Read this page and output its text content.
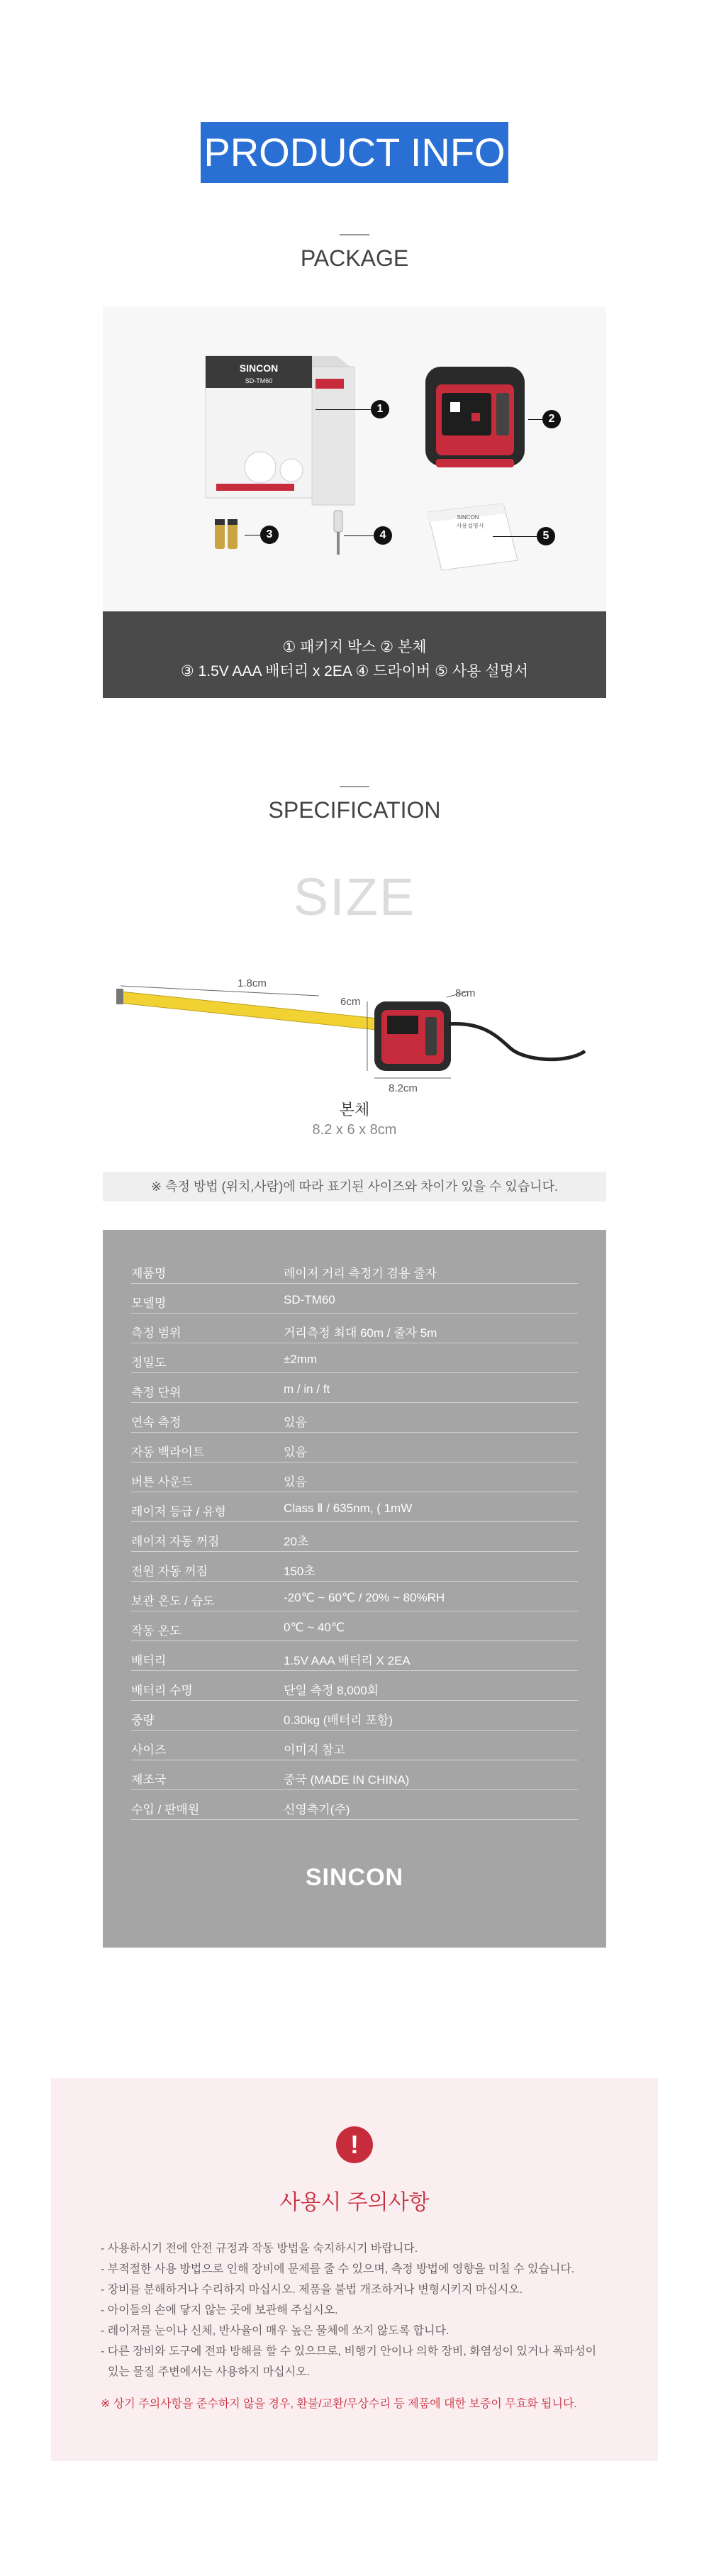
PRODUCT INFO
PACKAGE
SINCON
SD-TM60
SINCON
사용설명서
1
2
3	4	5
① 패키지 박스 ② 본체
③ 1.5V AAA 배터리 x 2EA ④ 드라이버 ⑤ 사용 설명서
SPECIFICATION
SIZE
1.8cm
6cm
8cm
8.2cm
본체
8.2 x 6 x 8cm
※ 측정 방법 (위치,사람)에 따라 표기된 사이즈와 차이가 있을 수 있습니다.
제품명	레이저 거리 측정기 겸용 줄자
모델명	SD-TM60
측정 범위	거리측정 최대 60m / 줄자 5m
정밀도	±2mm
측정 단위	m / in / ft
연속 측정	있음
자동 백라이트	있음
버튼 사운드	있음
레이저 등급 / 유형	Class Ⅱ / 635nm, ( 1mW
레이저 자동 꺼짐	20초
전원 자동 꺼짐	150초
보관 온도 / 습도	-20℃ ~ 60℃ / 20% ~ 80%RH
작동 온도	0℃ ~ 40℃
배터리	1.5V AAA 배터리 X 2EA
배터리 수명	단일 측정 8,000회
중량	0.30kg (배터리 포함)
사이즈	이미지 참고
제조국	중국 (MADE IN CHINA)
수입 / 판매원	신영측기(주)
SINCON
!
사용시 주의사항
- 사용하시기 전에 안전 규정과 작동 방법을 숙지하시기 바랍니다.
- 부적절한 사용 방법으로 인해 장비에 문제를 줄 수 있으며, 측정 방법에 영향을 미칠 수 있습니다.
- 장비를 분해하거나 수리하지 마십시오. 제품을 불법 개조하거나 변형시키지 마십시오.
- 아이들의 손에 닿지 않는 곳에 보관해 주십시오.
- 레이저를 눈이나 신체, 반사율이 매우 높은 물체에 쏘지 않도록 합니다.
- 다른 장비와 도구에 전파 방해를 할 수 있으므로, 비행기 안이나 의학 장비, 화염성이 있거나 폭파성이
있는 물질 주변에서는 사용하지 마십시오.
※ 상기 주의사항을 준수하지 않을 경우, 환불/교환/무상수리 등 제품에 대한 보증이 무효화 됩니다.
